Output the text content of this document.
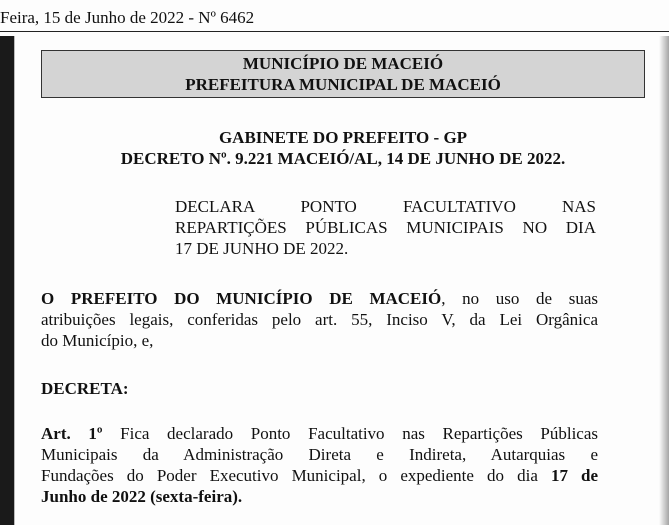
Feira, 15 de Junho de 2022 - Nº 6462
MUNICÍPIO DE MACEIÓ
PREFEITURA MUNICIPAL DE MACEIÓ
GABINETE DO PREFEITO - GP
DECRETO Nº. 9.221 MACEIÓ/AL, 14 DE JUNHO DE 2022.
DECLARA PONTO FACULTATIVO NAS
REPARTIÇÕES PÚBLICAS MUNICIPAIS NO DIA
17 DE JUNHO DE 2022.
O PREFEITO DO MUNICÍPIO DE MACEIÓ, no uso de suas
atribuições legais, conferidas pelo art. 55, Inciso V, da Lei Orgânica
do Município, e,
DECRETA:
Art. 1º Fica declarado Ponto Facultativo nas Repartições Públicas
Municipais da Administração Direta e Indireta, Autarquias e
Fundações do Poder Executivo Municipal, o expediente do dia 17 de
Junho de 2022 (sexta-feira).
